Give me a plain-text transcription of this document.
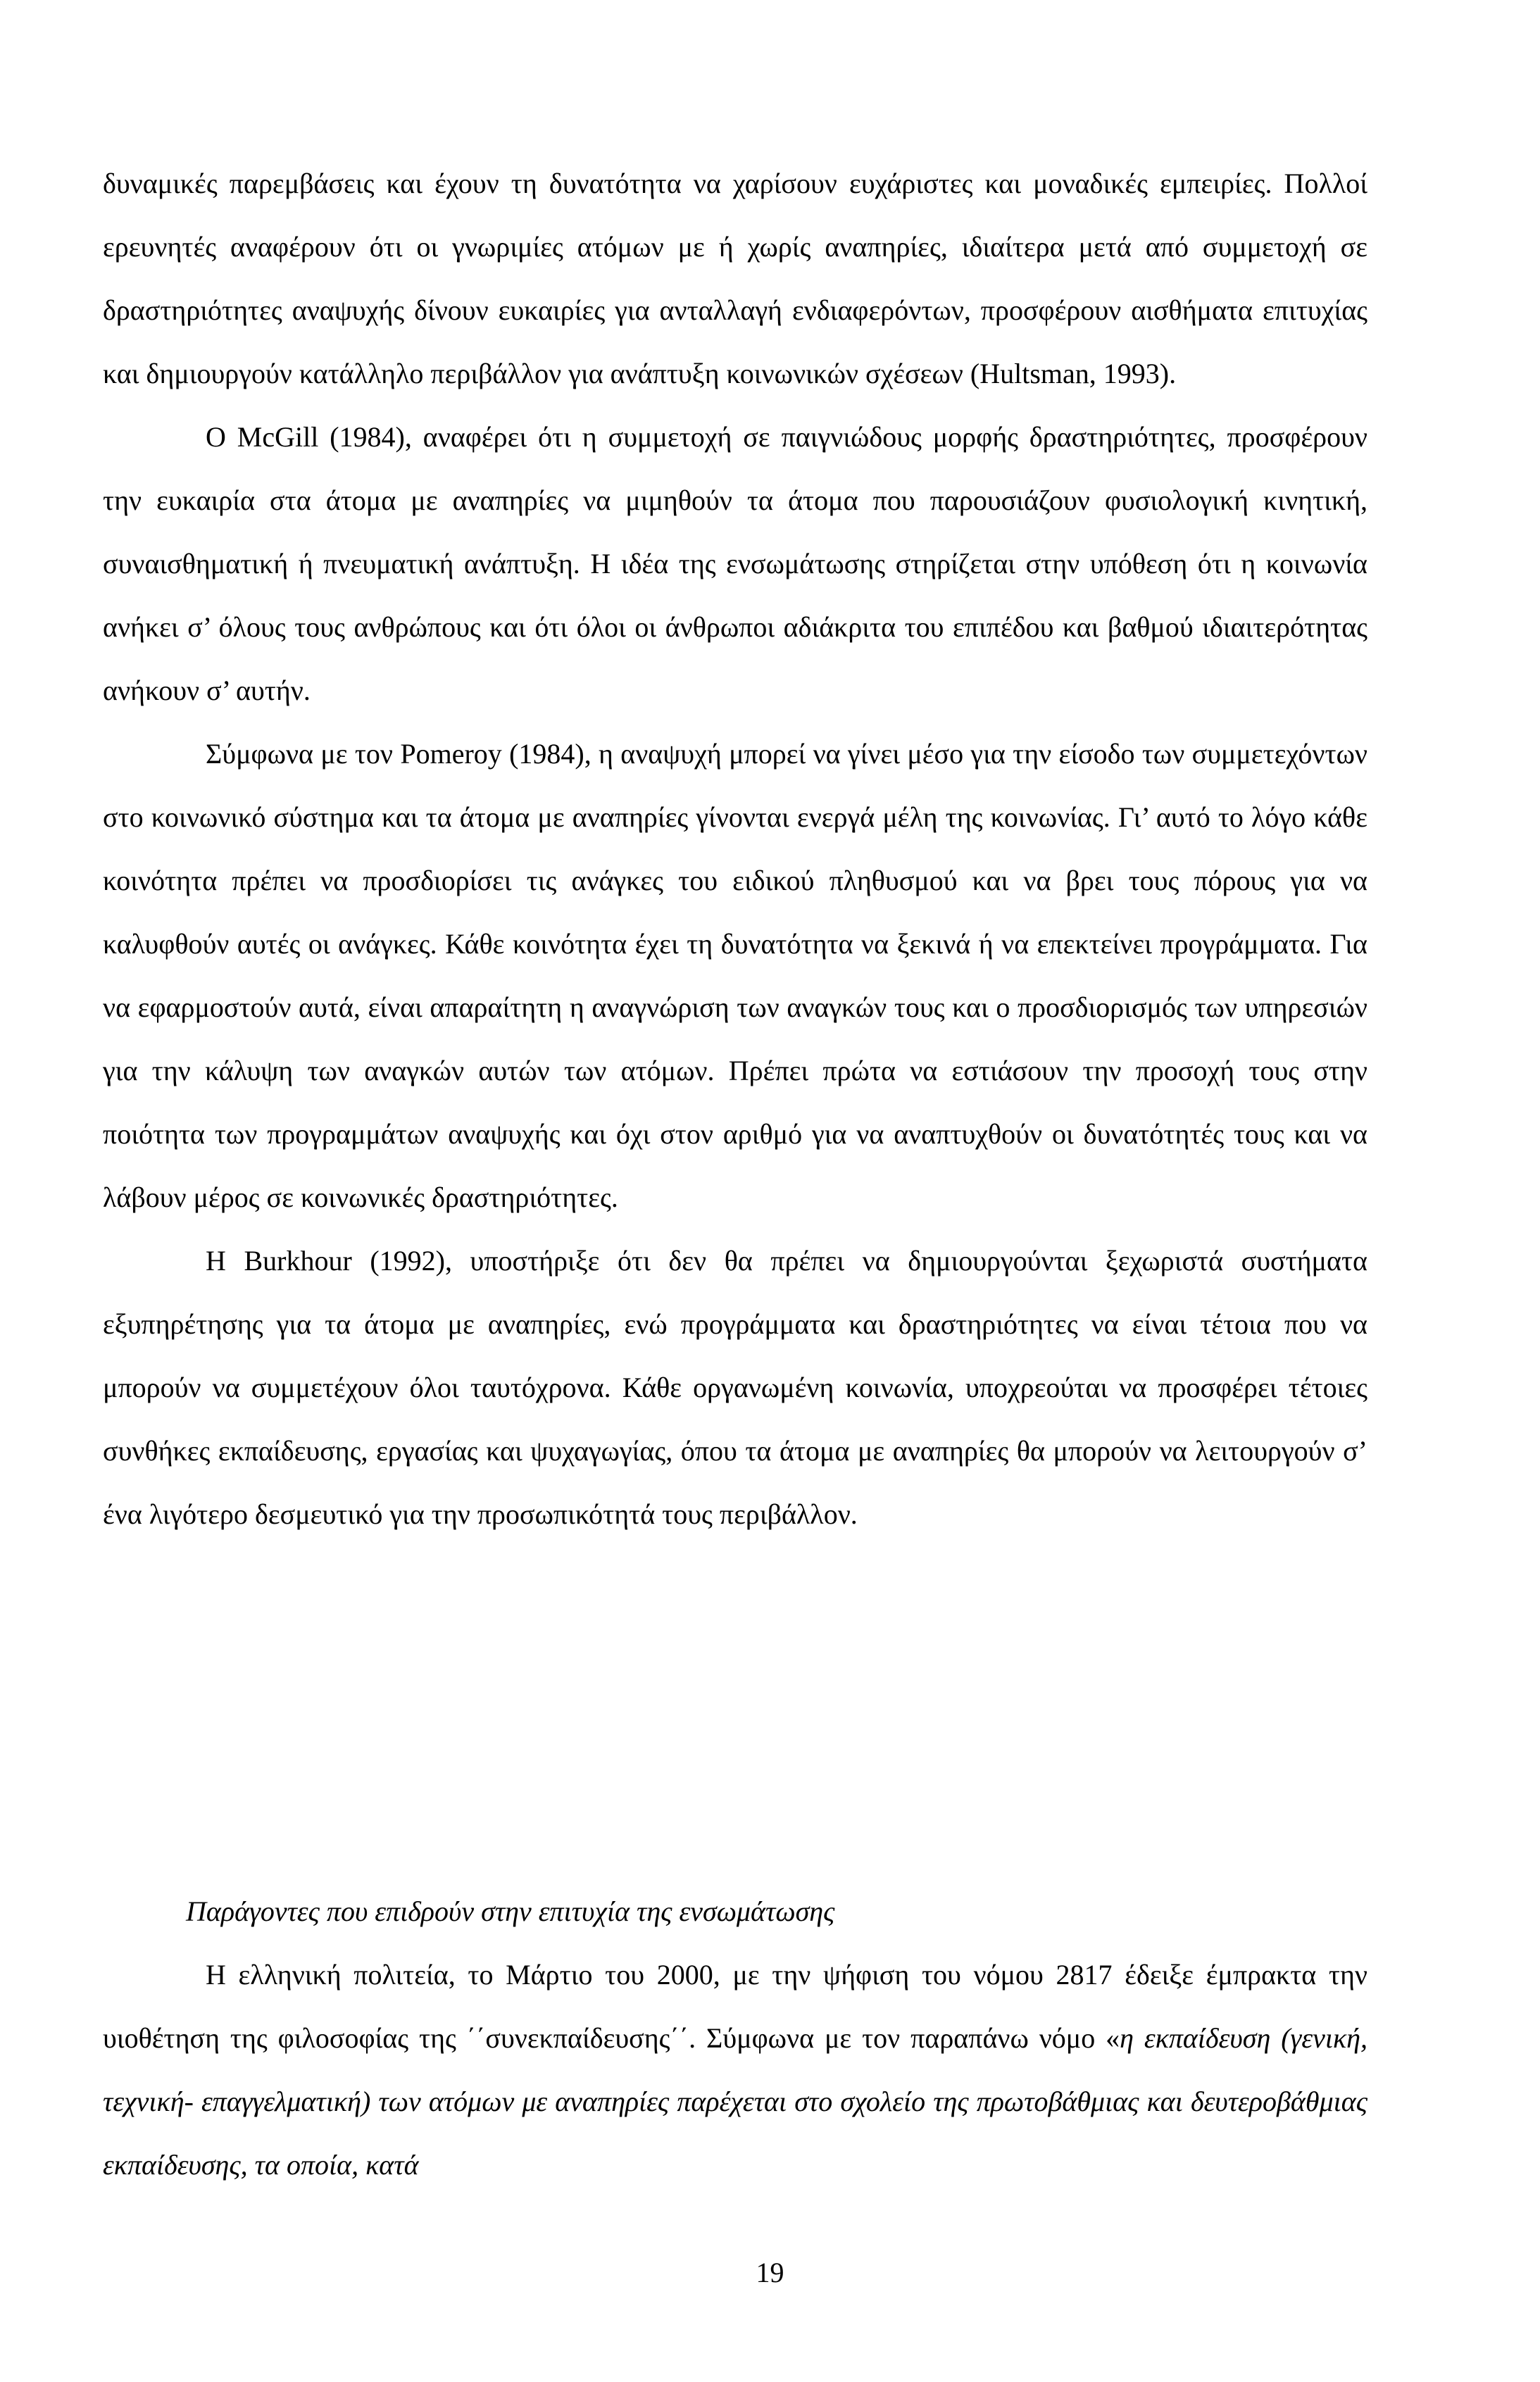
δυναμικές παρεμβάσεις και έχουν τη δυνατότητα να χαρίσουν ευχάριστες και μοναδικές εμπειρίες. Πολλοί ερευνητές αναφέρουν ότι οι γνωριμίες ατόμων με ή χωρίς αναπηρίες, ιδιαίτερα μετά από συμμετοχή σε δραστηριότητες αναψυχής δίνουν ευκαιρίες για ανταλλαγή ενδιαφερόντων, προσφέρουν αισθήματα επιτυχίας και δημιουργούν κατάλληλο περιβάλλον για ανάπτυξη κοινωνικών σχέσεων (Hultsman, 1993).

Ο McGill (1984), αναφέρει ότι η συμμετοχή σε παιγνιώδους μορφής δραστηριότητες, προσφέρουν την ευκαιρία στα άτομα με αναπηρίες να μιμηθούν τα άτομα που παρουσιάζουν φυσιολογική κινητική, συναισθηματική ή πνευματική ανάπτυξη. Η ιδέα της ενσωμάτωσης στηρίζεται στην υπόθεση ότι η κοινωνία ανήκει σ’ όλους τους ανθρώπους και ότι όλοι οι άνθρωποι αδιάκριτα του επιπέδου και βαθμού ιδιαιτερότητας ανήκουν σ’ αυτήν.

Σύμφωνα με τον Pomeroy (1984), η αναψυχή μπορεί να γίνει μέσο για την είσοδο των συμμετεχόντων στο κοινωνικό σύστημα και τα άτομα με αναπηρίες γίνονται ενεργά μέλη της κοινωνίας. Γι’ αυτό το λόγο κάθε κοινότητα πρέπει να προσδιορίσει τις ανάγκες του ειδικού πληθυσμού και να βρει τους πόρους για να καλυφθούν αυτές οι ανάγκες. Κάθε κοινότητα έχει τη δυνατότητα να ξεκινά ή να επεκτείνει προγράμματα. Για να εφαρμοστούν αυτά, είναι απαραίτητη η αναγνώριση των αναγκών τους και ο προσδιορισμός των υπηρεσιών για την κάλυψη των αναγκών αυτών των ατόμων. Πρέπει πρώτα να εστιάσουν την προσοχή τους στην ποιότητα των προγραμμάτων αναψυχής και όχι στον αριθμό για να αναπτυχθούν οι δυνατότητές τους και να λάβουν μέρος σε κοινωνικές δραστηριότητες.

Η Burkhour (1992), υποστήριξε ότι δεν θα πρέπει να δημιουργούνται ξεχωριστά συστήματα εξυπηρέτησης για τα άτομα με αναπηρίες, ενώ προγράμματα και δραστηριότητες να είναι τέτοια που να μπορούν να συμμετέχουν όλοι ταυτόχρονα. Κάθε οργανωμένη κοινωνία, υποχρεούται να προσφέρει τέτοιες συνθήκες εκπαίδευσης, εργασίας και ψυχαγωγίας, όπου τα άτομα με αναπηρίες θα μπορούν να λειτουργούν σ’ ένα λιγότερο δεσμευτικό για την προσωπικότητά τους περιβάλλον.

Παράγοντες που επιδρούν στην επιτυχία της ενσωμάτωσης

Η ελληνική πολιτεία, το Μάρτιο του 2000, με την ψήφιση του νόμου 2817 έδειξε έμπρακτα την υιοθέτηση της φιλοσοφίας της ΄΄συνεκπαίδευσης΄΄. Σύμφωνα με τον παραπάνω νόμο «η εκπαίδευση (γενική, τεχνική- επαγγελματική) των ατόμων με αναπηρίες παρέχεται στο σχολείο της πρωτοβάθμιας και δευτεροβάθμιας εκπαίδευσης, τα οποία, κατά

19
